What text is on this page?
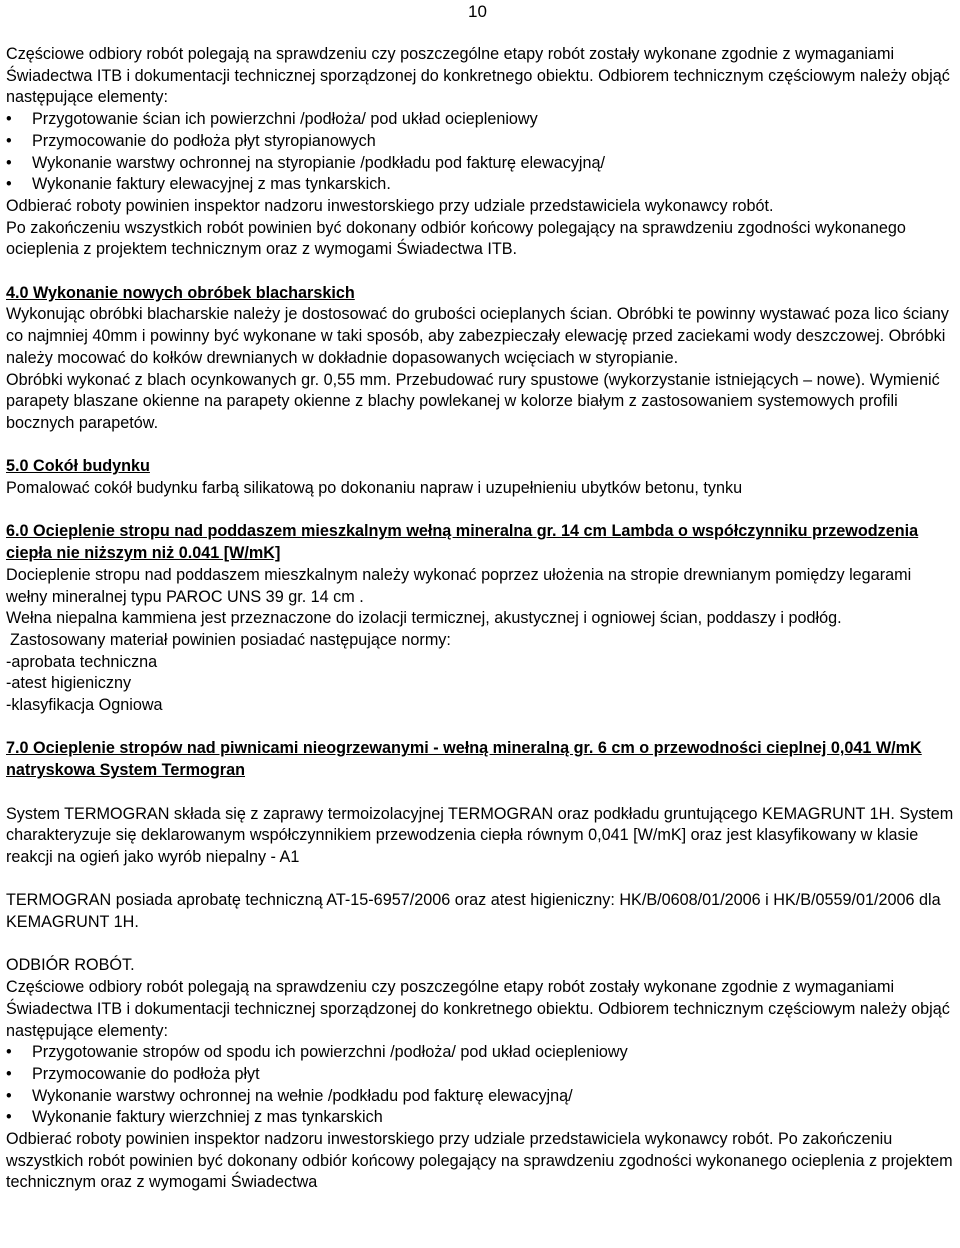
10

Częściowe odbiory robót polegają na sprawdzeniu czy poszczególne etapy robót zostały wykonane zgodnie z wymaganiami Świadectwa ITB i dokumentacji technicznej sporządzonej do konkretnego obiektu. Odbiorem technicznym częściowym należy objąć następujące elementy:

• Przygotowanie ścian ich powierzchni /podłoża/ pod układ ociepleniowy
• Przymocowanie do podłoża płyt styropianowych
• Wykonanie warstwy ochronnej na styropianie /podkładu pod fakturę elewacyjną/
• Wykonanie faktury elewacyjnej z mas tynkarskich.

Odbierać roboty powinien inspektor nadzoru inwestorskiego przy udziale przedstawiciela wykonawcy robót.

Po zakończeniu wszystkich robót powinien być dokonany odbiór końcowy polegający na sprawdzeniu zgodności wykonanego ocieplenia z projektem technicznym oraz z wymogami Świadectwa ITB.

4.0 Wykonanie nowych obróbek blacharskich

Wykonując obróbki blacharskie należy je dostosować do grubości ocieplanych ścian. Obróbki te powinny wystawać poza lico ściany co najmniej 40mm i powinny być wykonane w taki sposób, aby zabezpieczały elewację przed zaciekami wody deszczowej. Obróbki należy mocować do kołków drewnianych w dokładnie dopasowanych wcięciach w styropianie.

Obróbki wykonać z blach ocynkowanych gr. 0,55 mm. Przebudować rury spustowe (wykorzystanie istniejących – nowe). Wymienić parapety blaszane okienne na parapety okienne z blachy powlekanej w kolorze białym z zastosowaniem systemowych profili bocznych parapetów.

5.0 Cokół budynku

Pomalować cokół budynku farbą silikatową po dokonaniu napraw i uzupełnieniu ubytków betonu, tynku

6.0 Ocieplenie stropu nad poddaszem mieszkalnym wełną mineralna gr. 14 cm Lambda o współczynniku przewodzenia ciepła nie niższym niż 0.041 [W/mK]

Docieplenie stropu nad poddaszem mieszkalnym należy wykonać poprzez ułożenia na stropie drewnianym pomiędzy legarami wełny mineralnej typu PAROC UNS 39 gr. 14 cm .

Wełna niepalna kammiena jest przeznaczone do izolacji termicznej, akustycznej i ogniowej ścian, poddaszy i podłóg.

Zastosowany materiał powinien posiadać następujące normy:

-aprobata techniczna

-atest higieniczny

-klasyfikacja Ogniowa

7.0 Ocieplenie stropów nad piwnicami nieogrzewanymi - wełną mineralną gr. 6 cm o przewodności cieplnej 0,041 W/mK natryskowa System Termogran

System TERMOGRAN składa się z zaprawy termoizolacyjnej TERMOGRAN oraz podkładu gruntującego KEMAGRUNT 1H. System charakteryzuje się deklarowanym współczynnikiem przewodzenia ciepła równym 0,041 [W/mK] oraz jest klasyfikowany w klasie reakcji na ogień jako wyrób niepalny - A1

TERMOGRAN posiada aprobatę techniczną AT-15-6957/2006 oraz atest higieniczny: HK/B/0608/01/2006 i HK/B/0559/01/2006 dla KEMAGRUNT 1H.

ODBIÓR ROBÓT.

Częściowe odbiory robót polegają na sprawdzeniu czy poszczególne etapy robót zostały wykonane zgodnie z wymaganiami Świadectwa ITB i dokumentacji technicznej sporządzonej do konkretnego obiektu. Odbiorem technicznym częściowym należy objąć następujące elementy:

• Przygotowanie stropów od spodu ich powierzchni /podłoża/ pod układ ociepleniowy
• Przymocowanie do podłoża płyt
• Wykonanie warstwy ochronnej na wełnie /podkładu pod fakturę elewacyjną/
• Wykonanie faktury wierzchniej z mas tynkarskich

Odbierać roboty powinien inspektor nadzoru inwestorskiego przy udziale przedstawiciela wykonawcy robót. Po zakończeniu wszystkich robót powinien być dokonany odbiór końcowy polegający na sprawdzeniu zgodności wykonanego ocieplenia z projektem technicznym oraz z wymogami Świadectwa
